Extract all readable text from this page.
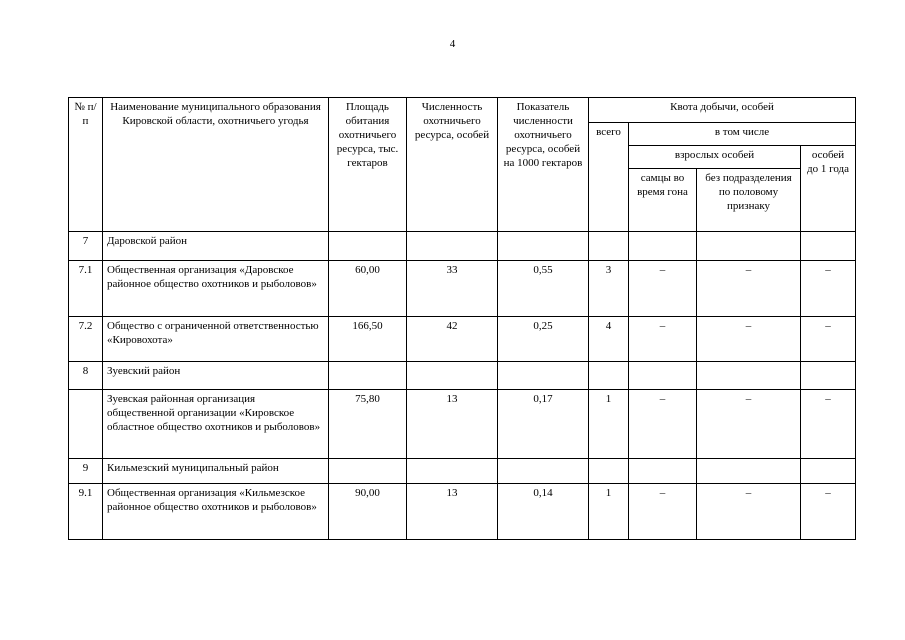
4
№ п/п	Наименование муниципального образования Кировской области, охотничьего угодья	Площадь обитания охотничьего ресурса, тыс. гектаров	Численность охотничьего ресурса, особей	Показатель численности охотничьего ресурса, особей на 1000 гектаров	Квота добычи, особей			
					всего	в том числе		
						взрослых особей		особей до 1 года
						самцы во время гона	без подразделения по половому признаку	
7	Даровской район							
7.1	Общественная организация «Даровское районное общество охотников и рыболовов»	60,00	33	0,55	3	–	–	–
7.2	Общество с ограниченной ответственностью «Кировохота»	166,50	42	0,25	4	–	–	–
8	Зуевский район							
	Зуевская районная организация общественной организации «Кировское областное общество охотников и рыболовов»	75,80	13	0,17	1	–	–	–
9	Кильмезский муниципальный район							
9.1	Общественная организация «Кильмезское районное общество охотников и рыболовов»	90,00	13	0,14	1	–	–	–
